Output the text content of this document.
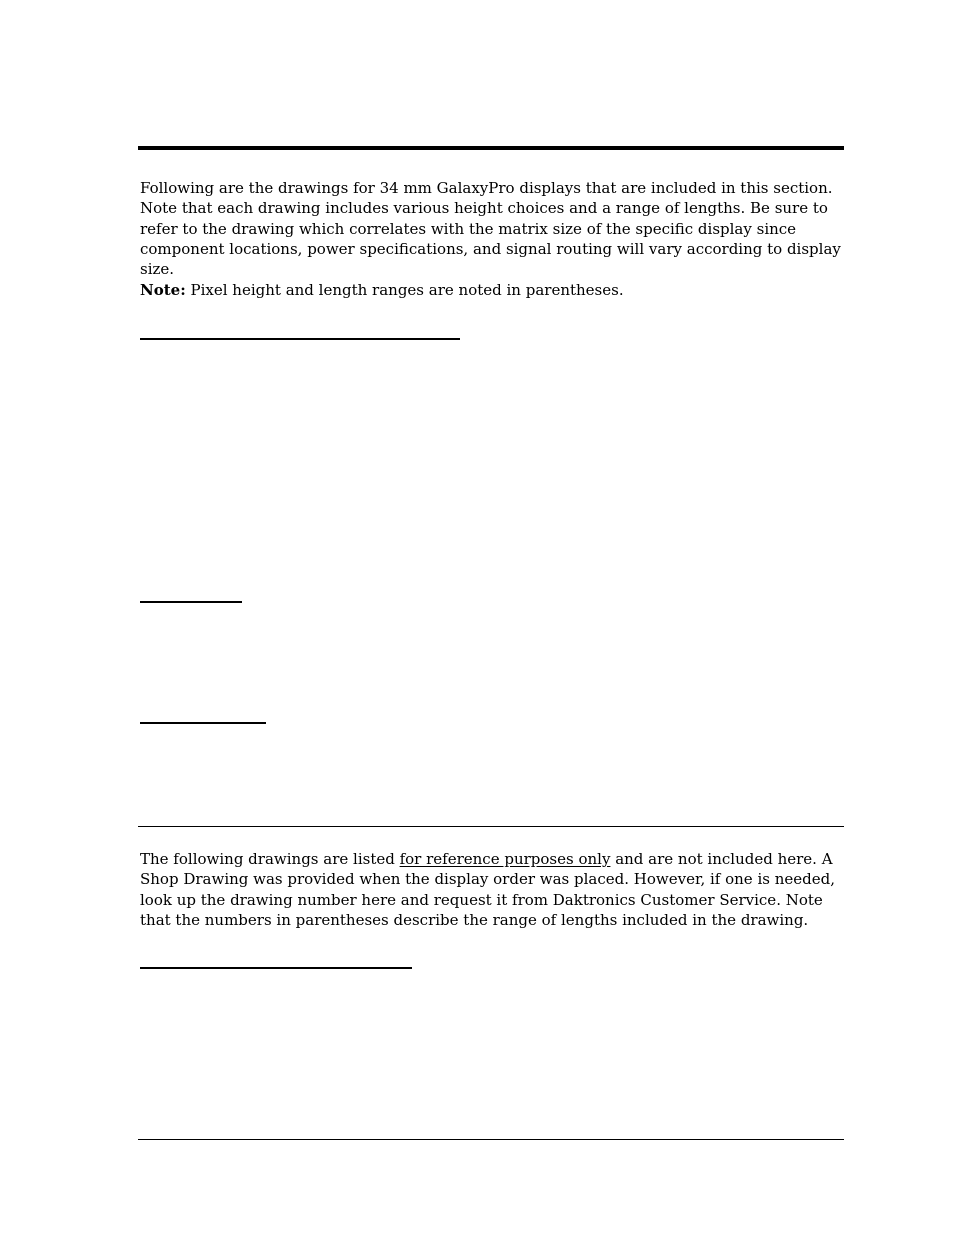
Following are the drawings for 34 mm GalaxyPro displays that are included in this section. Note that each drawing includes various height choices and a range of lengths. Be sure to refer to the drawing which correlates with the matrix size of the specific display since component locations, power specifications, and signal routing will vary according to display size.

Note: Pixel height and length ranges are noted in parentheses.

The following drawings are listed for reference purposes only and are not included here. A Shop Drawing was provided when the display order was placed. However, if one is needed, look up the drawing number here and request it from Daktronics Customer Service. Note that the numbers in parentheses describe the range of lengths included in the drawing.
